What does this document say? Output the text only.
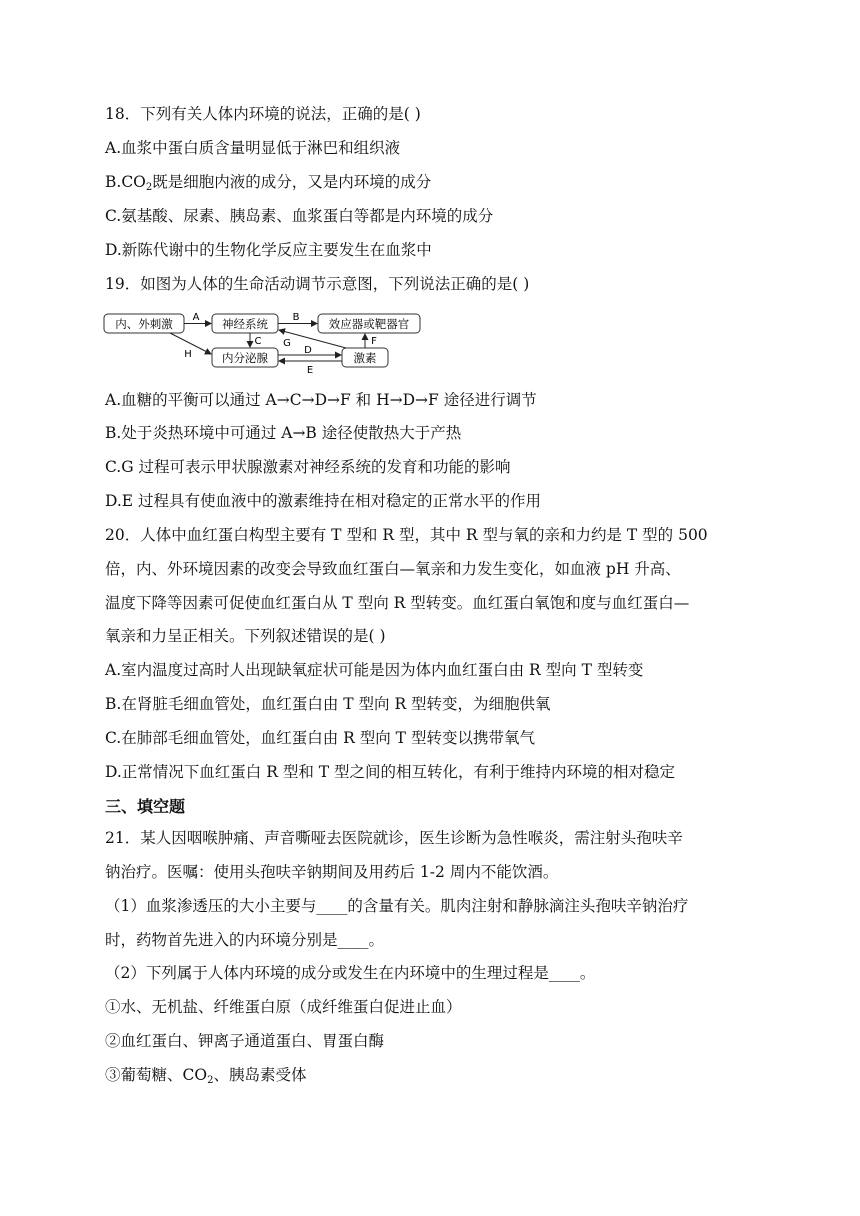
18．下列有关人体内环境的说法，正确的是( )
A.血浆中蛋白质含量明显低于淋巴和组织液
$B.CO_2$既是细胞内液的成分，又是内环境的成分
C.氨基酸、尿素、胰岛素、血浆蛋白等都是内环境的成分
D.新陈代谢中的生物化学反应主要发生在血浆中
19．如图为人体的生命活动调节示意图，下列说法正确的是( )
内、外刺激	神经系统	效应器或靶器官
内分泌腺	激素
A	B
H
C G
D
E
F
A.血糖的平衡可以通过 A→C→D→F 和 H→D→F 途径进行调节
B.处于炎热环境中可通过 A→B 途径使散热大于产热
C.G 过程可表示甲状腺激素对神经系统的发育和功能的影响
D.E 过程具有使血液中的激素维持在相对稳定的正常水平的作用
20．人体中血红蛋白构型主要有 T 型和 R 型，其中 R 型与氧的亲和力约是 T 型的 500
倍，内、外环境因素的改变会导致血红蛋白—氧亲和力发生变化，如血液 pH 升高、
温度下降等因素可促使血红蛋白从 T 型向 R 型转变。血红蛋白氧饱和度与血红蛋白—
氧亲和力呈正相关。下列叙述错误的是( )
A.室内温度过高时人出现缺氧症状可能是因为体内血红蛋白由 R 型向 T 型转变
B.在肾脏毛细血管处，血红蛋白由 T 型向 R 型转变，为细胞供氧
C.在肺部毛细血管处，血红蛋白由 R 型向 T 型转变以携带氧气
D.正常情况下血红蛋白 R 型和 T 型之间的相互转化，有利于维持内环境的相对稳定
三、填空题
21．某人因咽喉肿痛、声音嘶哑去医院就诊，医生诊断为急性喉炎，需注射头孢呋辛
钠治疗。医嘱：使用头孢呋辛钠期间及用药后 1-2 周内不能饮酒。
（1）血浆渗透压的大小主要与____的含量有关。肌肉注射和静脉滴注头孢呋辛钠治疗
时，药物首先进入的内环境分别是____。
（2）下列属于人体内环境的成分或发生在内环境中的生理过程是____。
①水、无机盐、纤维蛋白原（成纤维蛋白促进止血）
②血红蛋白、钾离子通道蛋白、胃蛋白酶
③葡萄糖、$CO_2$、胰岛素受体
